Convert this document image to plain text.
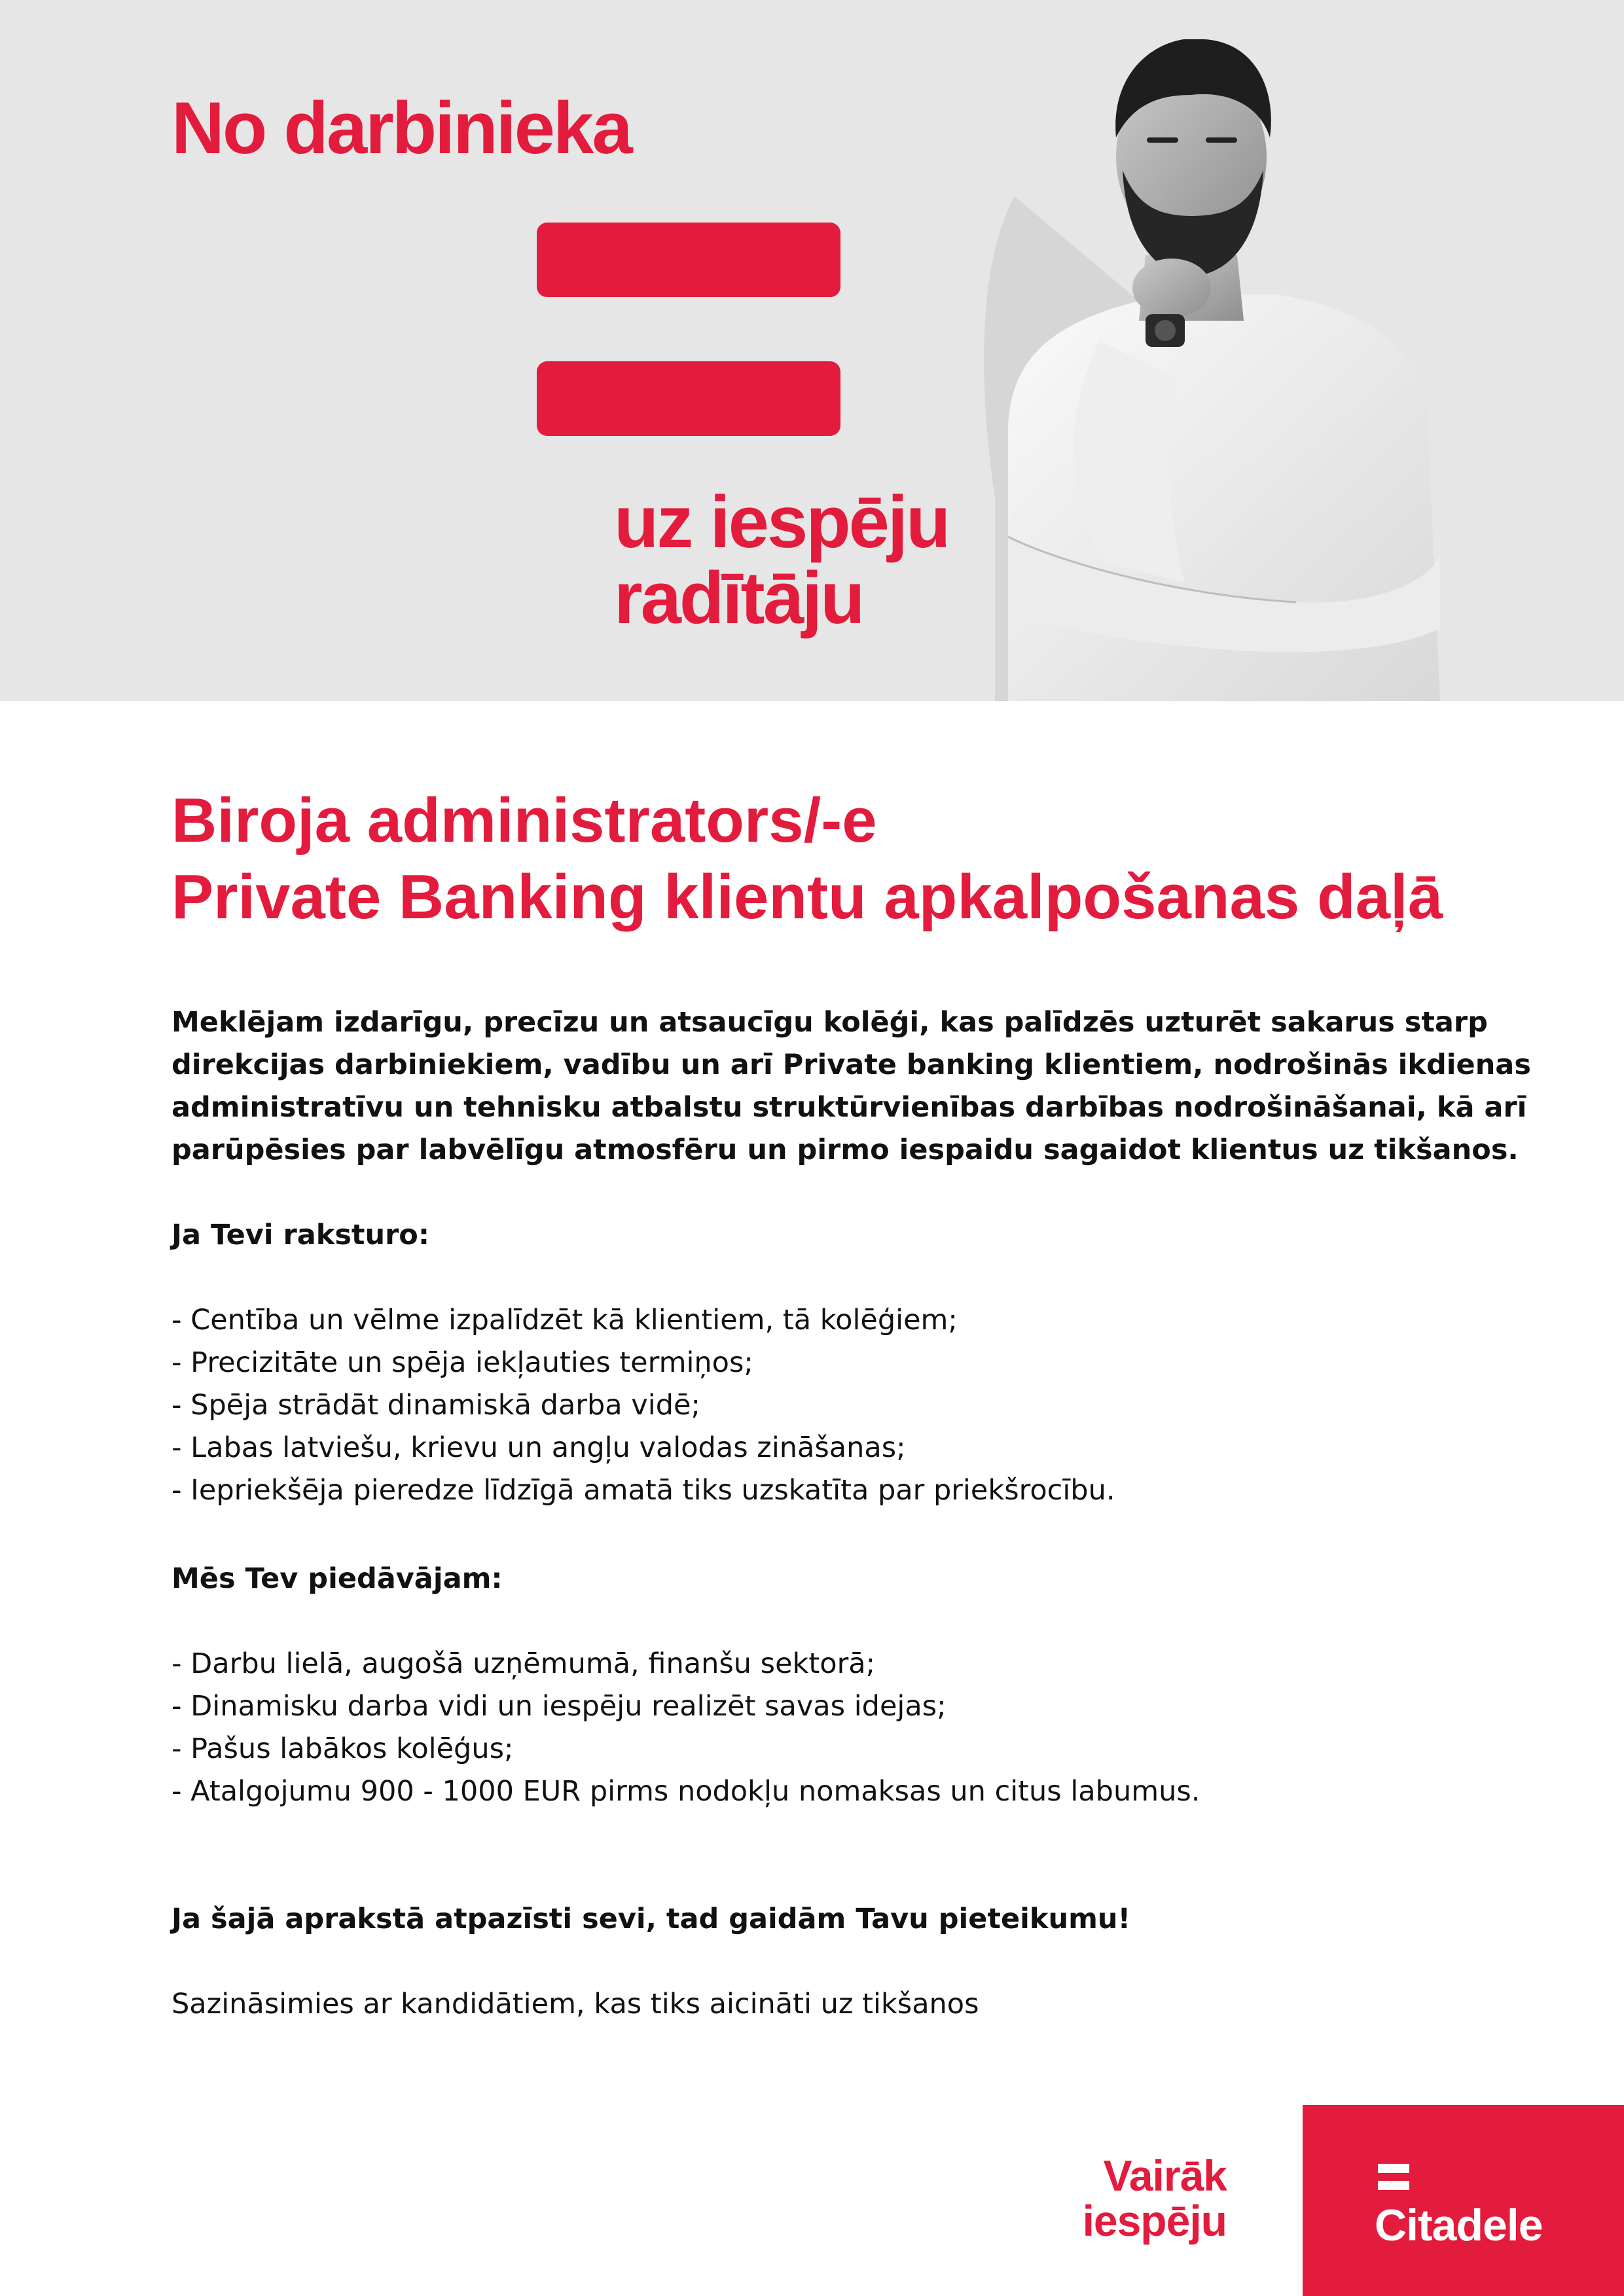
No darbinieka
uz iespēju
radītāju
Biroja administrators/-e
Private Banking klientu apkalpošanas daļā

Meklējam izdarīgu, precīzu un atsaucīgu kolēģi, kas palīdzēs uzturēt sakarus starp direkcijas darbiniekiem, vadību un arī Private banking klientiem, nodrošinās ikdienas administratīvu un tehnisku atbalstu struktūrvienības darbības nodrošināšanai, kā arī parūpēsies par labvēlīgu atmosfēru un pirmo iespaidu sagaidot klientus uz tikšanos.

Ja Tevi raksturo:

- Centība un vēlme izpalīdzēt kā klientiem, tā kolēģiem;
- Precizitāte un spēja iekļauties termiņos;
- Spēja strādāt dinamiskā darba vidē;
- Labas latviešu, krievu un angļu valodas zināšanas;
- Iepriekšēja pieredze līdzīgā amatā tiks uzskatīta par priekšrocību.

Mēs Tev piedāvājam:

- Darbu lielā, augošā uzņēmumā, finanšu sektorā;
- Dinamisku darba vidi un iespēju realizēt savas idejas;
- Pašus labākos kolēģus;
- Atalgojumu 900 - 1000 EUR pirms nodokļu nomaksas un citus labumus.

Ja šajā aprakstā atpazīsti sevi, tad gaidām Tavu pieteikumu!

Sazināsimies ar kandidātiem, kas tiks aicināti uz tikšanos

Vairāk
iespēju	Citadele
